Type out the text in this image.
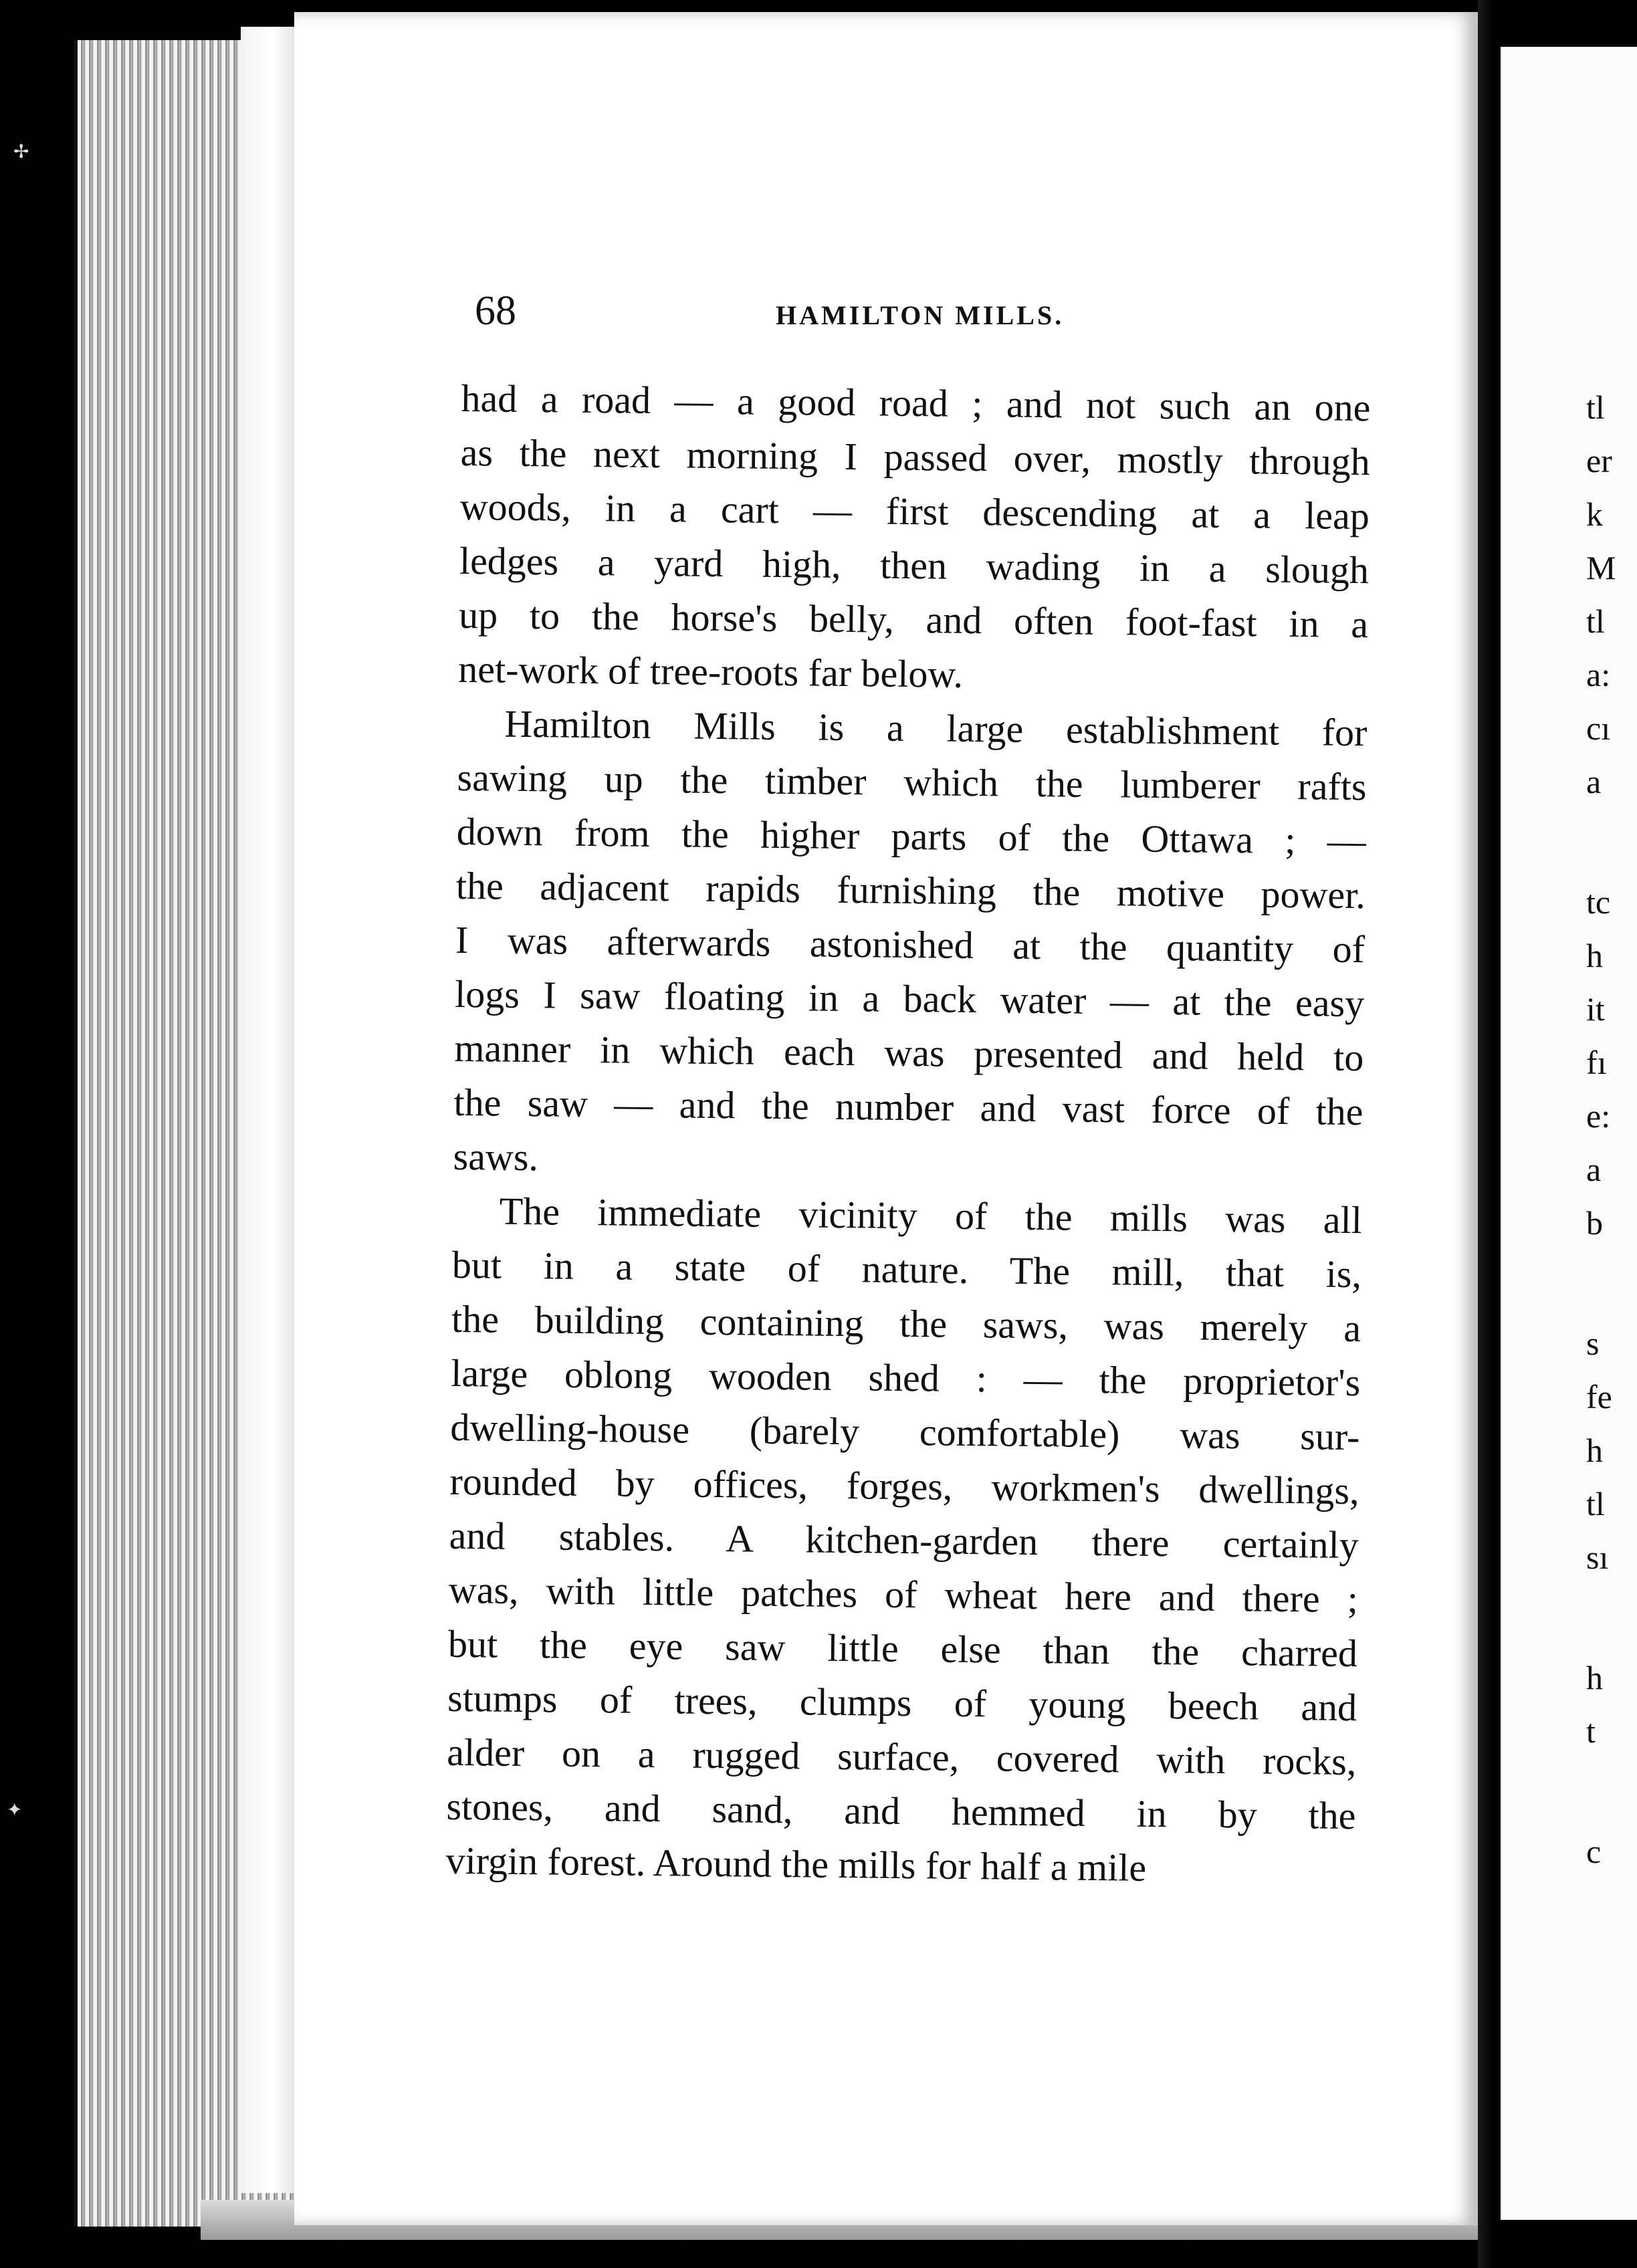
✢
✦
68	HAMILTON MILLS.
had a road — a good road ; and not such an one
as the next morning I passed over, mostly through
woods, in a cart — first descending at a leap
ledges a yard high, then wading in a slough
up to the horse's belly, and often foot-fast in a
net-work of tree-roots far below.
Hamilton Mills is a large establishment for
sawing up the timber which the lumberer rafts
down from the higher parts of the Ottawa ; —
the adjacent rapids furnishing the motive power.
I was afterwards astonished at the quantity of
logs I saw floating in a back water — at the easy
manner in which each was presented and held to
the saw — and the number and vast force of the
saws.
The immediate vicinity of the mills was all
but in a state of nature. The mill, that is,
the building containing the saws, was merely a
large oblong wooden shed : — the proprietor's
dwelling-house (barely comfortable) was sur-
rounded by offices, forges, workmen's dwellings,
and stables. A kitchen-garden there certainly
was, with little patches of wheat here and there ;
but the eye saw little else than the charred
stumps of trees, clumps of young beech and
alder on a rugged surface, covered with rocks,
stones, and sand, and hemmed in by the
virgin forest. Around the mills for half a mile
tl
er
k
M
tl
a:
cı
a
tc
h
it
fı
e:
a
b
s
fe
h
tl
sı
h
t
c
